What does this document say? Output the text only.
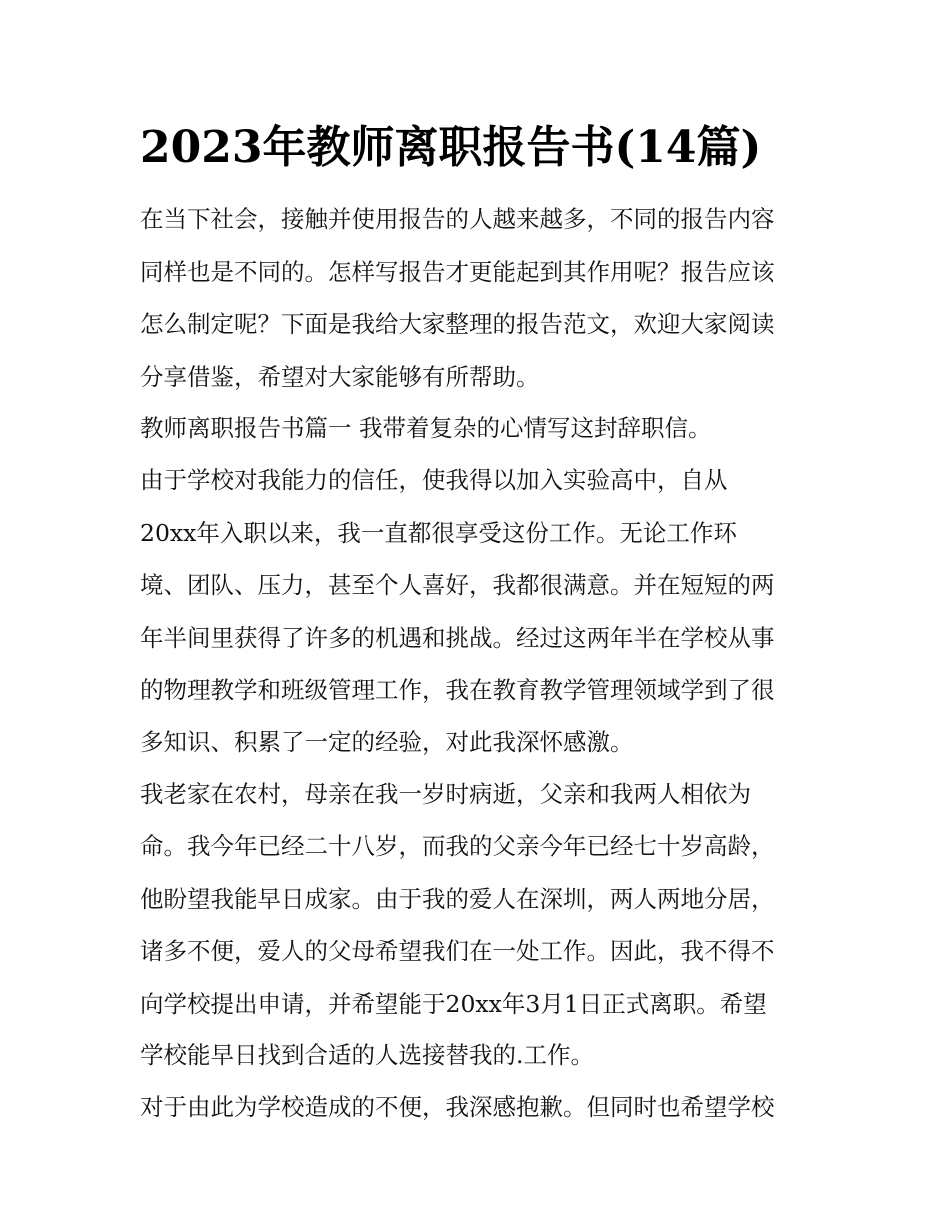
2023年教师离职报告书(14篇)

在当下社会，接触并使用报告的人越来越多，不同的报告内容

同样也是不同的。怎样写报告才更能起到其作用呢？报告应该

怎么制定呢？下面是我给大家整理的报告范文，欢迎大家阅读

分享借鉴，希望对大家能够有所帮助。

教师离职报告书篇一 我带着复杂的心情写这封辞职信。

由于学校对我能力的信任，使我得以加入实验高中，自从

20xx年入职以来，我一直都很享受这份工作。无论工作环

境、团队、压力，甚至个人喜好，我都很满意。并在短短的两

年半间里获得了许多的机遇和挑战。经过这两年半在学校从事

的物理教学和班级管理工作，我在教育教学管理领域学到了很

多知识、积累了一定的经验，对此我深怀感激。

我老家在农村，母亲在我一岁时病逝，父亲和我两人相依为

命。我今年已经二十八岁，而我的父亲今年已经七十岁高龄，

他盼望我能早日成家。由于我的爱人在深圳，两人两地分居，

诸多不便，爱人的父母希望我们在一处工作。因此，我不得不

向学校提出申请，并希望能于20xx年3月1日正式离职。希望

学校能早日找到合适的人选接替我的.工作。

对于由此为学校造成的不便，我深感抱歉。但同时也希望学校
